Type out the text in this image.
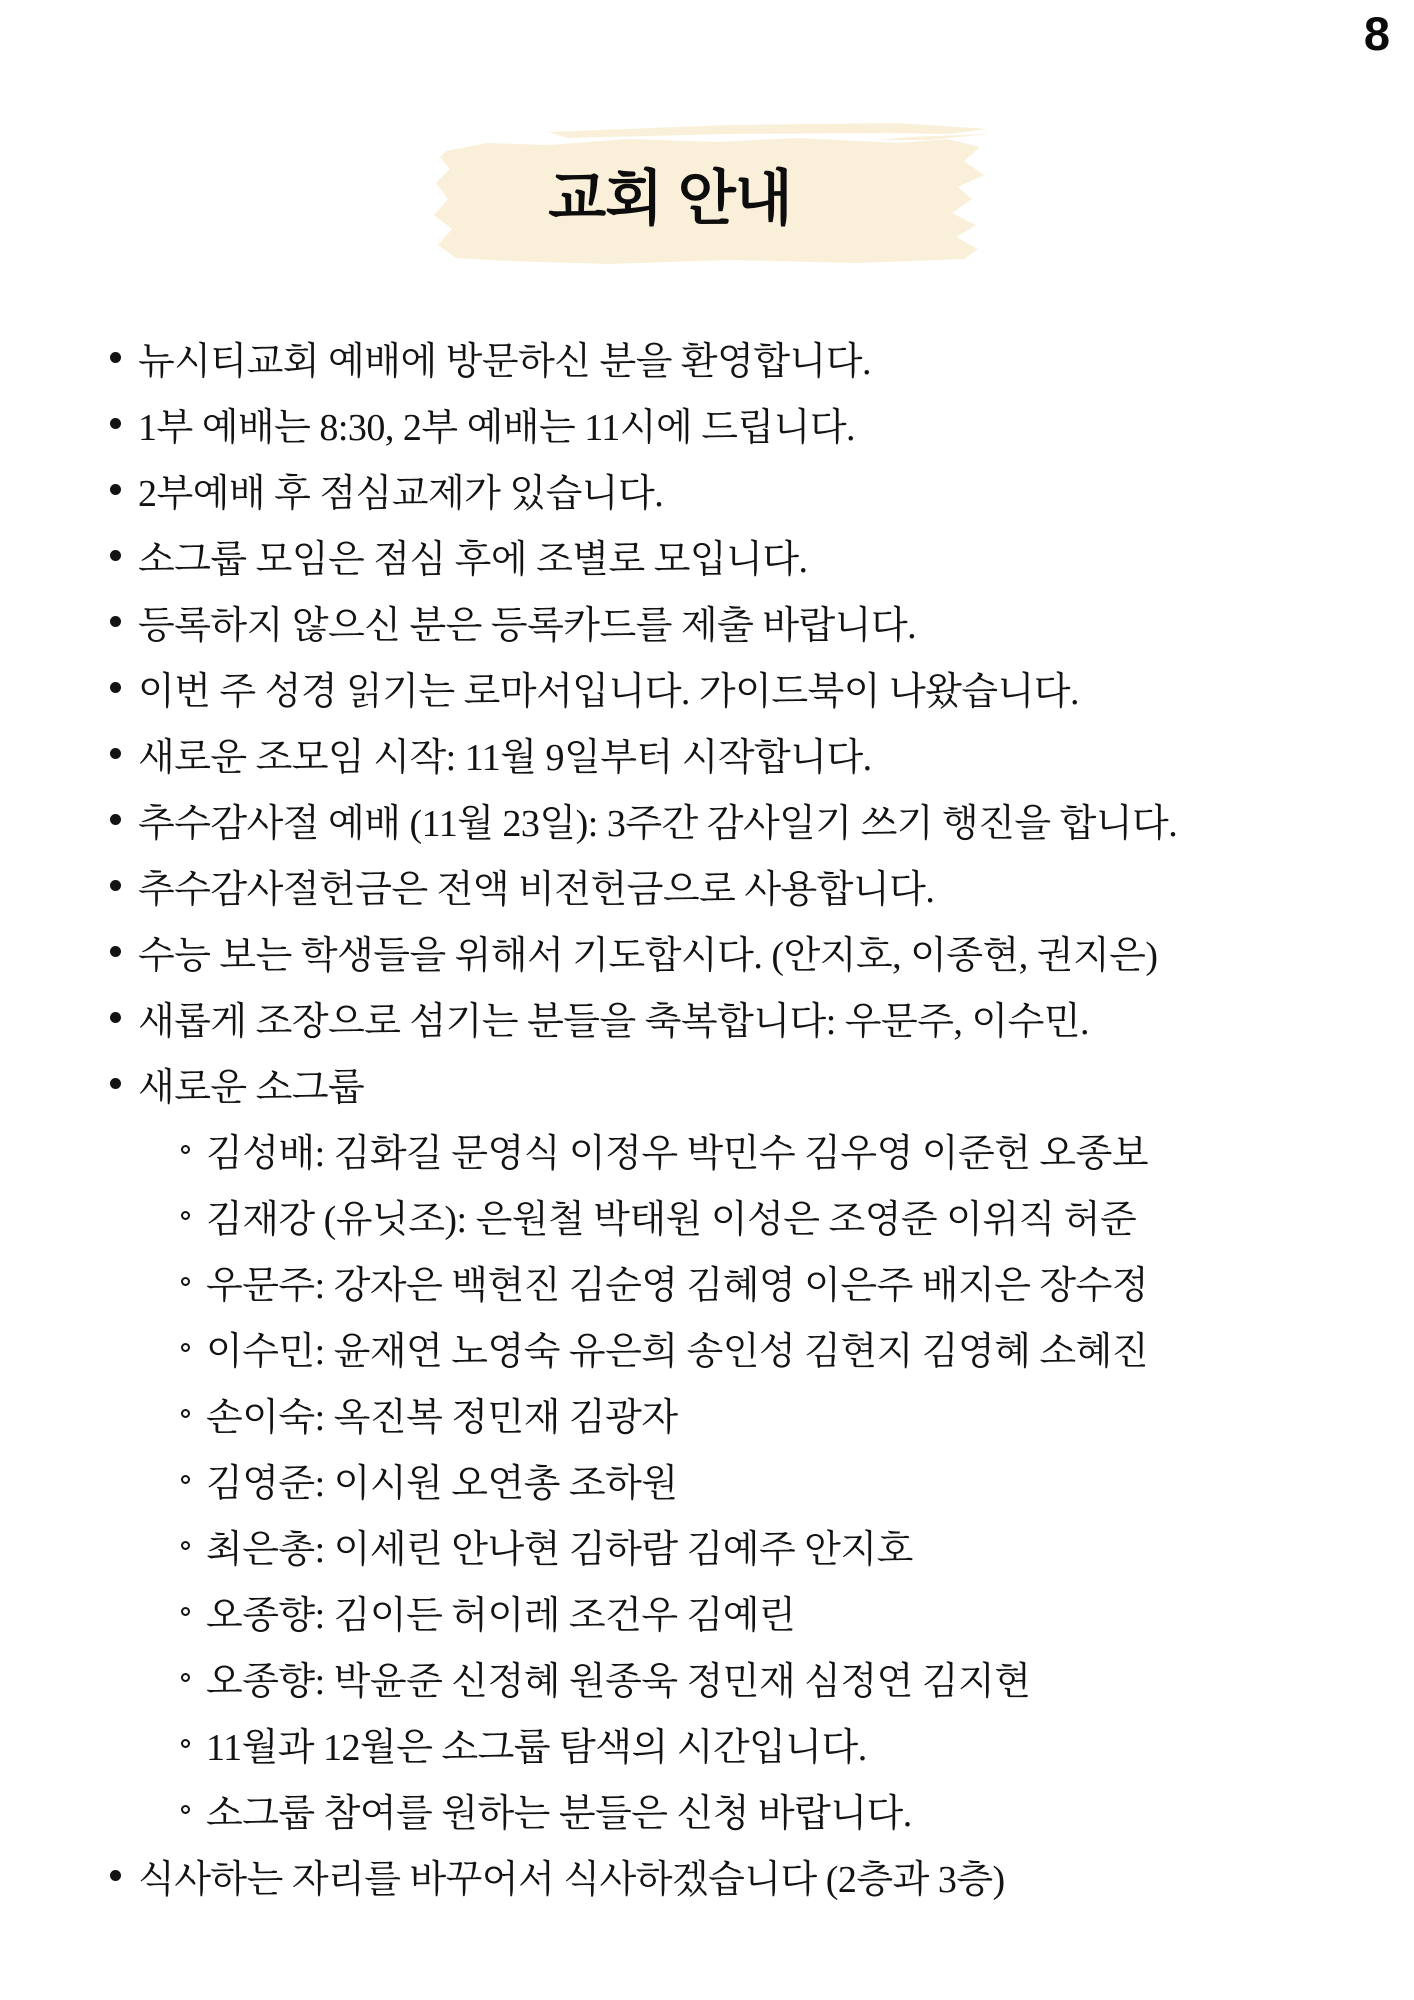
8
교회 안내
뉴시티교회 예배에 방문하신 분을 환영합니다.
1부 예배는 8:30, 2부 예배는 11시에 드립니다.
2부예배 후 점심교제가 있습니다.
소그룹 모임은 점심 후에 조별로 모입니다.
등록하지 않으신 분은 등록카드를 제출 바랍니다.
이번 주 성경 읽기는 로마서입니다. 가이드북이 나왔습니다.
새로운 조모임 시작: 11월 9일부터 시작합니다.
추수감사절 예배 (11월 23일): 3주간 감사일기 쓰기 행진을 합니다.
추수감사절헌금은 전액 비전헌금으로 사용합니다.
수능 보는 학생들을 위해서 기도합시다. (안지호, 이종현, 권지은)
새롭게 조장으로 섬기는 분들을 축복합니다: 우문주, 이수민.
새로운 소그룹
김성배: 김화길 문영식 이정우 박민수 김우영 이준헌 오종보
김재강 (유닛조): 은원철 박태원 이성은 조영준 이위직 허준
우문주: 강자은 백현진 김순영 김혜영 이은주 배지은 장수정
이수민: 윤재연 노영숙 유은희 송인성 김현지 김영혜 소혜진
손이숙: 옥진복 정민재 김광자
김영준: 이시원 오연총 조하원
최은총: 이세린 안나현 김하람 김예주 안지호
오종향: 김이든 허이레 조건우 김예린
오종향: 박윤준 신정혜 원종욱 정민재 심정연 김지현
11월과 12월은 소그룹 탐색의 시간입니다.
소그룹 참여를 원하는 분들은 신청 바랍니다.
식사하는 자리를 바꾸어서 식사하겠습니다 (2층과 3층)
